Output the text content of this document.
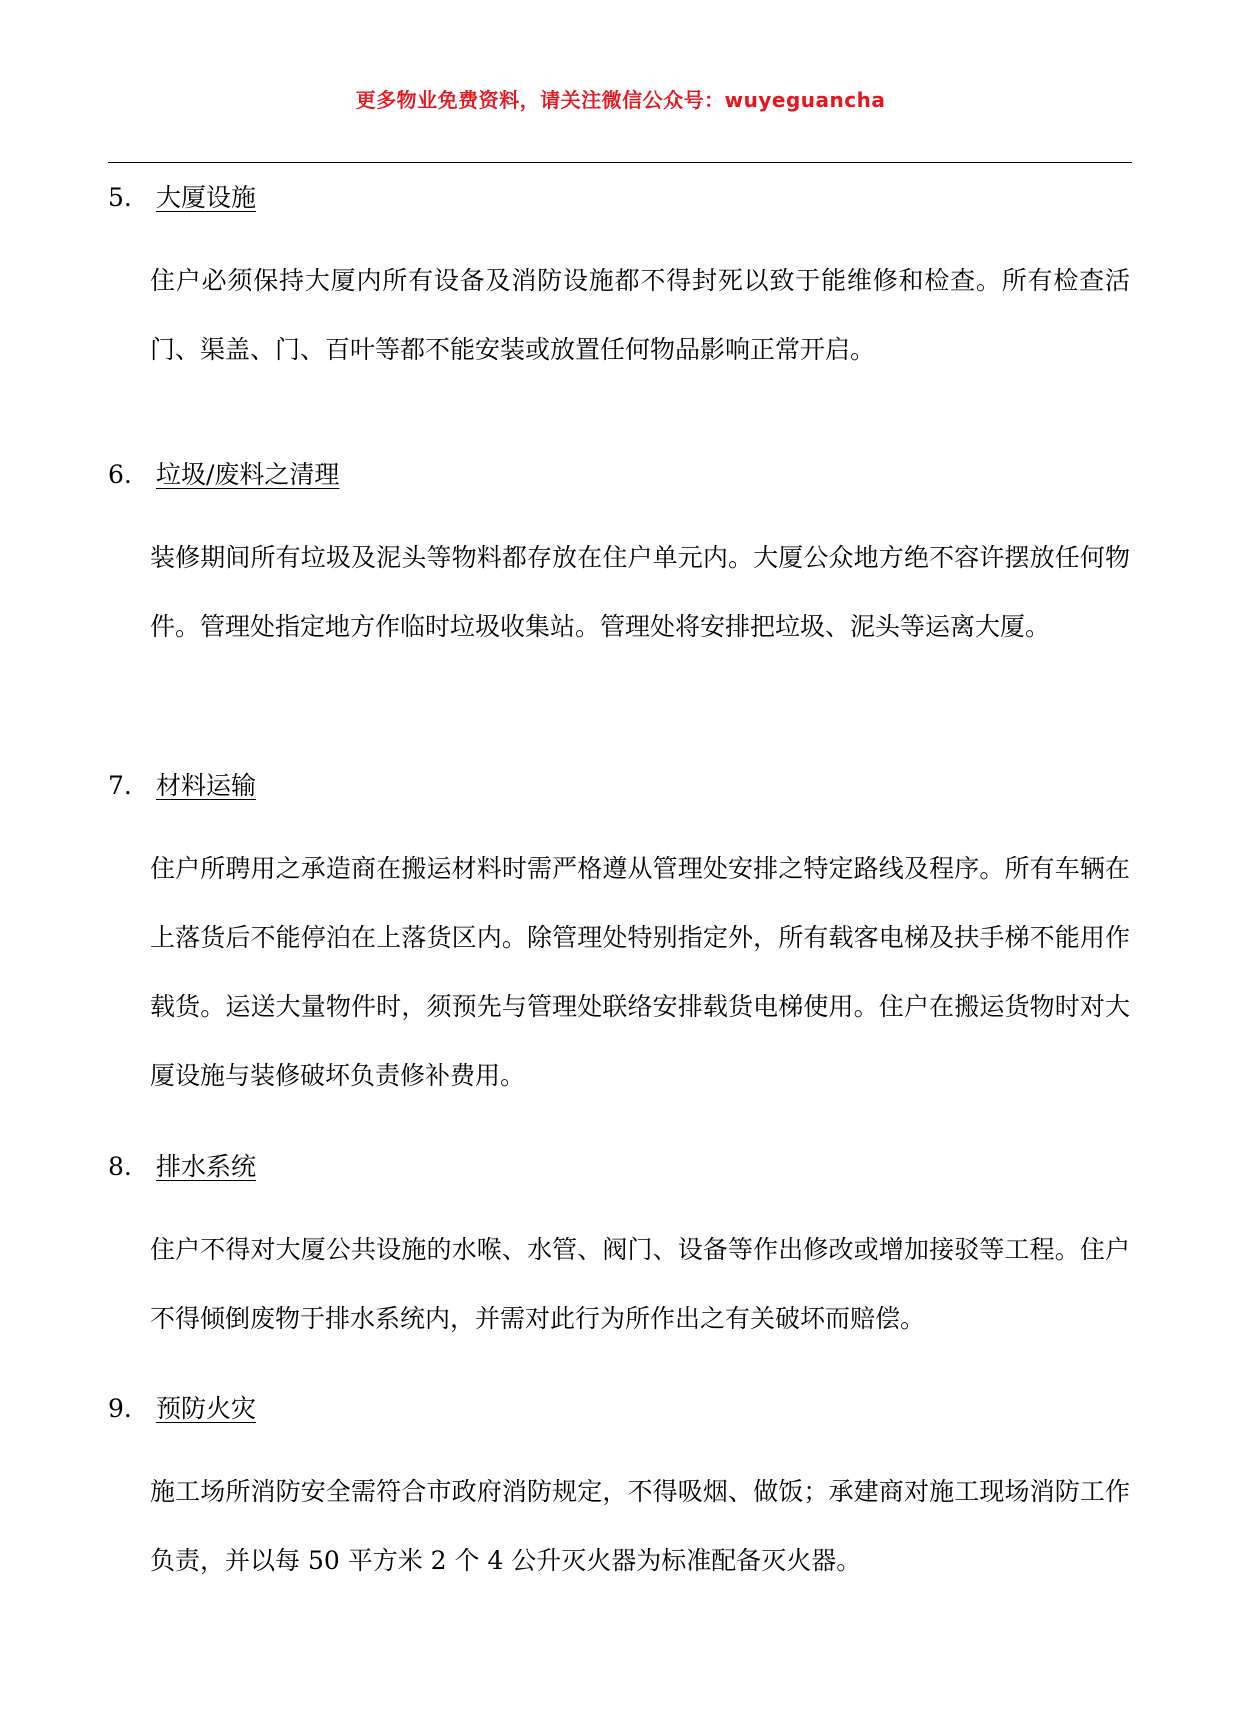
更多物业免费资料，请关注微信公众号：wuyeguancha
5. 大厦设施
住户必须保持大厦内所有设备及消防设施都不得封死以致于能维修和检查。所有检查活门、渠盖、门、百叶等都不能安装或放置任何物品影响正常开启。
6. 垃圾/废料之清理
装修期间所有垃圾及泥头等物料都存放在住户单元内。大厦公众地方绝不容许摆放任何物件。管理处指定地方作临时垃圾收集站。管理处将安排把垃圾、泥头等运离大厦。
7. 材料运输
住户所聘用之承造商在搬运材料时需严格遵从管理处安排之特定路线及程序。所有车辆在上落货后不能停泊在上落货区内。除管理处特别指定外，所有载客电梯及扶手梯不能用作载货。运送大量物件时，须预先与管理处联络安排载货电梯使用。住户在搬运货物时对大厦设施与装修破坏负责修补费用。
8. 排水系统
住户不得对大厦公共设施的水喉、水管、阀门、设备等作出修改或增加接驳等工程。住户不得倾倒废物于排水系统内，并需对此行为所作出之有关破坏而赔偿。
9. 预防火灾
施工场所消防安全需符合市政府消防规定，不得吸烟、做饭；承建商对施工现场消防工作负责，并以每 50 平方米 2 个 4 公升灭火器为标准配备灭火器。
